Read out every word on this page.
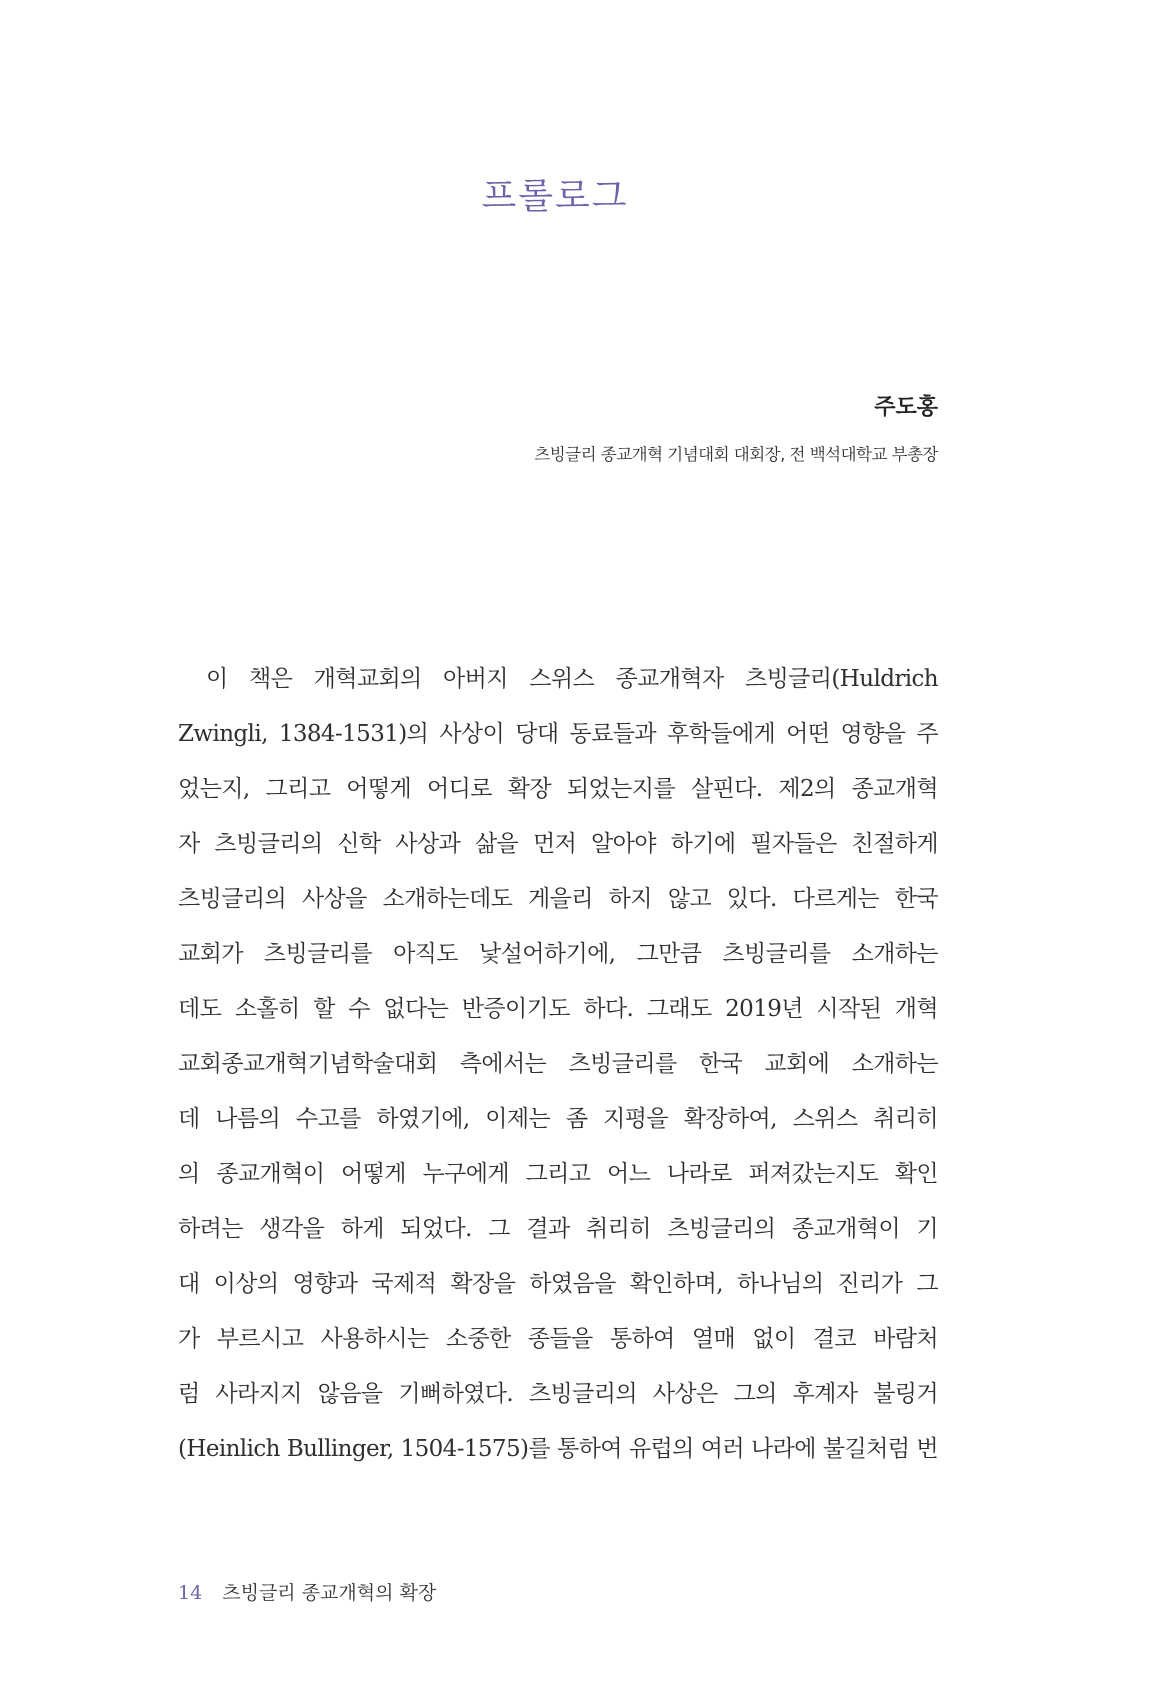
프롤로그

주도홍

츠빙글리 종교개혁 기념대회 대회장, 전 백석대학교 부총장

이 책은 개혁교회의 아버지 스위스 종교개혁자 츠빙글리(Huldrich
Zwingli, 1384-1531)의 사상이 당대 동료들과 후학들에게 어떤 영향을 주
었는지, 그리고 어떻게 어디로 확장 되었는지를 살핀다. 제2의 종교개혁
자 츠빙글리의 신학 사상과 삶을 먼저 알아야 하기에 필자들은 친절하게
츠빙글리의 사상을 소개하는데도 게을리 하지 않고 있다. 다르게는 한국
교회가 츠빙글리를 아직도 낯설어하기에, 그만큼 츠빙글리를 소개하는
데도 소홀히 할 수 없다는 반증이기도 하다. 그래도 2019년 시작된 개혁
교회종교개혁기념학술대회 측에서는 츠빙글리를 한국 교회에 소개하는
데 나름의 수고를 하였기에, 이제는 좀 지평을 확장하여, 스위스 취리히
의 종교개혁이 어떻게 누구에게 그리고 어느 나라로 퍼져갔는지도 확인
하려는 생각을 하게 되었다. 그 결과 취리히 츠빙글리의 종교개혁이 기
대 이상의 영향과 국제적 확장을 하였음을 확인하며, 하나님의 진리가 그
가 부르시고 사용하시는 소중한 종들을 통하여 열매 없이 결코 바람처
럼 사라지지 않음을 기뻐하였다. 츠빙글리의 사상은 그의 후계자 불링거
(Heinlich Bullinger, 1504-1575)를 통하여 유럽의 여러 나라에 불길처럼 번
14 츠빙글리 종교개혁의 확장
